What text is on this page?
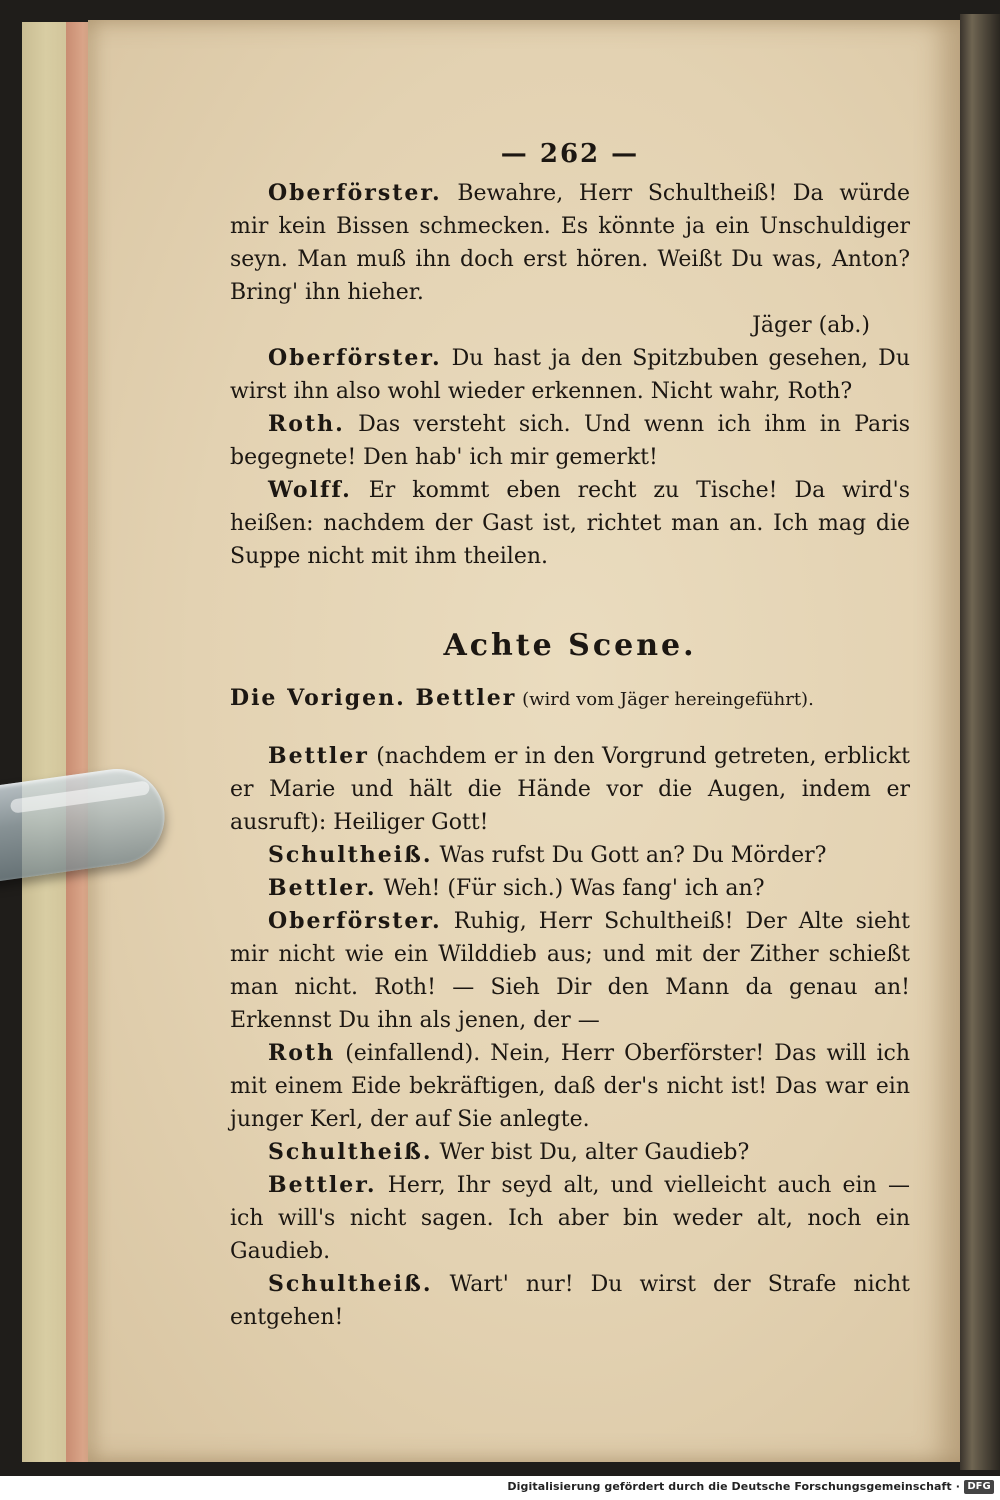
— 262 —

Oberförster. Bewahre, Herr Schultheiß! Da würde mir kein Bissen schmecken. Es könnte ja ein Unschuldiger seyn. Man muß ihn doch erst hören. Weißt Du was, Anton? Bring' ihn hieher.

Jäger (ab.)

Oberförster. Du hast ja den Spitzbuben gesehen, Du wirst ihn also wohl wieder erkennen. Nicht wahr, Roth?

Roth. Das versteht sich. Und wenn ich ihm in Paris begegnete! Den hab' ich mir gemerkt!

Wolff. Er kommt eben recht zu Tische! Da wird's heißen: nachdem der Gast ist, richtet man an. Ich mag die Suppe nicht mit ihm theilen.

Achte Scene.

Die Vorigen. Bettler (wird vom Jäger hereingeführt).

Bettler (nachdem er in den Vorgrund getreten, erblickt er Marie und hält die Hände vor die Augen, indem er ausruft): Heiliger Gott!

Schultheiß. Was rufst Du Gott an? Du Mörder?

Bettler. Weh! (Für sich.) Was fang' ich an?

Oberförster. Ruhig, Herr Schultheiß! Der Alte sieht mir nicht wie ein Wilddieb aus; und mit der Zither schießt man nicht. Roth! — Sieh Dir den Mann da genau an! Erkennst Du ihn als jenen, der —

Roth (einfallend). Nein, Herr Oberförster! Das will ich mit einem Eide bekräftigen, daß der's nicht ist! Das war ein junger Kerl, der auf Sie anlegte.

Schultheiß. Wer bist Du, alter Gaudieb?

Bettler. Herr, Ihr seyd alt, und vielleicht auch ein — ich will's nicht sagen. Ich aber bin weder alt, noch ein Gaudieb.

Schultheiß. Wart' nur! Du wirst der Strafe nicht entgehen!

Digitalisierung gefördert durch die Deutsche Forschungsgemeinschaft · DFG
